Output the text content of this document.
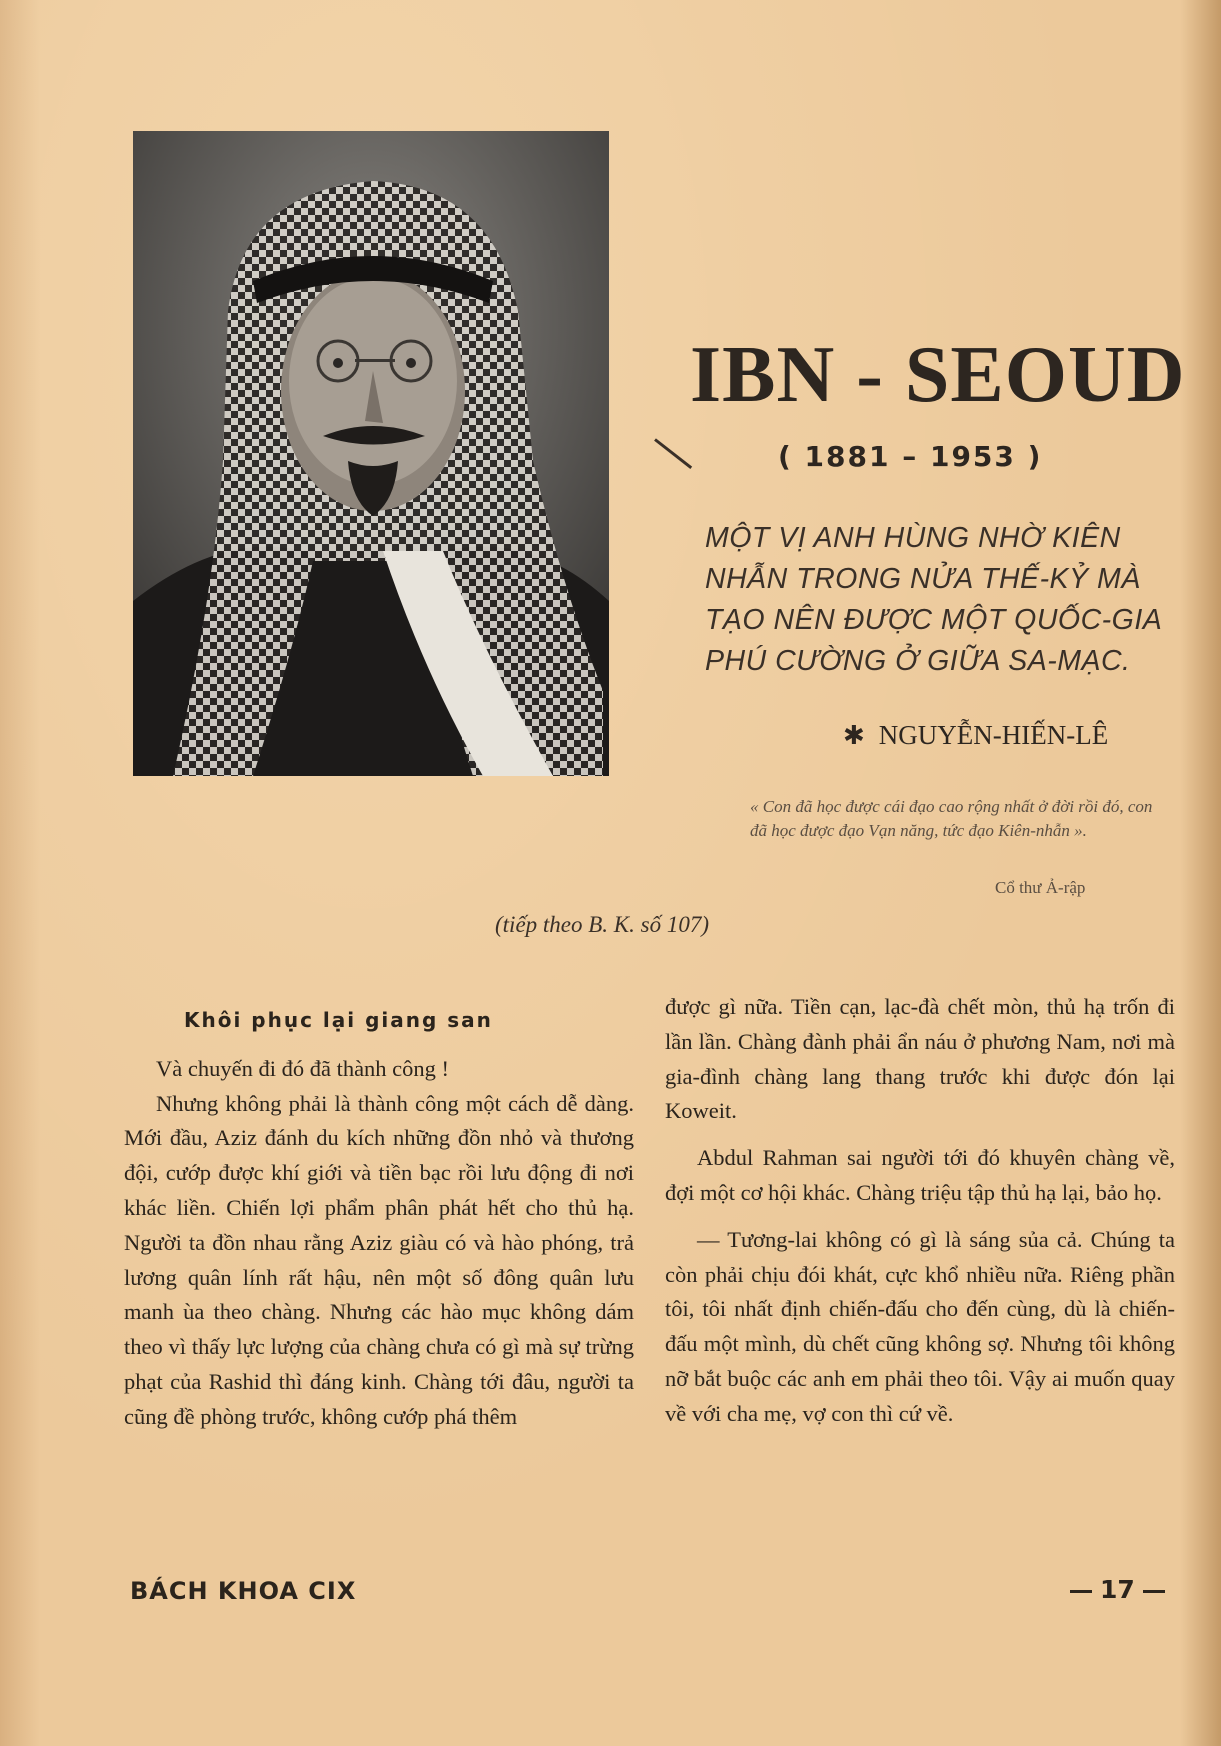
IBN - SEOUD
( 1881 – 1953 )
MỘT VỊ ANH HÙNG NHỜ KIÊN
NHẪN TRONG NỬA THẾ-KỶ MÀ
TẠO NÊN ĐƯỢC MỘT QUỐC-GIA
PHÚ CƯỜNG Ở GIỮA SA-MẠC.
✱ NGUYỄN-HIẾN-LÊ
« Con đã học được cái đạo cao rộng nhất ở đời rồi đó, con đã học được đạo Vạn năng, tức đạo Kiên-nhẫn ».
Cổ thư Ả-rập
(tiếp theo B. K. số 107)
Khôi phục lại giang san

Và chuyến đi đó đã thành công !

Nhưng không phải là thành công một cách dễ dàng. Mới đầu, Aziz đánh du kích những đồn nhỏ và thương đội, cướp được khí giới và tiền bạc rồi lưu động đi nơi khác liền. Chiến lợi phẩm phân phát hết cho thủ hạ. Người ta đồn nhau rằng Aziz giàu có và hào phóng, trả lương quân lính rất hậu, nên một số đông quân lưu manh ùa theo chàng. Nhưng các hào mục không dám theo vì thấy lực lượng của chàng chưa có gì mà sự trừng phạt của Rashid thì đáng kinh. Chàng tới đâu, người ta cũng đề phòng trước, không cướp phá thêm

được gì nữa. Tiền cạn, lạc-đà chết mòn, thủ hạ trốn đi lần lần. Chàng đành phải ẩn náu ở phương Nam, nơi mà gia-đình chàng lang thang trước khi được đón lại Koweit.

Abdul Rahman sai người tới đó khuyên chàng về, đợi một cơ hội khác. Chàng triệu tập thủ hạ lại, bảo họ.

— Tương-lai không có gì là sáng sủa cả. Chúng ta còn phải chịu đói khát, cực khổ nhiều nữa. Riêng phần tôi, tôi nhất định chiến-đấu cho đến cùng, dù là chiến-đấu một mình, dù chết cũng không sợ. Nhưng tôi không nỡ bắt buộc các anh em phải theo tôi. Vậy ai muốn quay về với cha mẹ, vợ con thì cứ về.

BÁCH KHOA CIX	17
